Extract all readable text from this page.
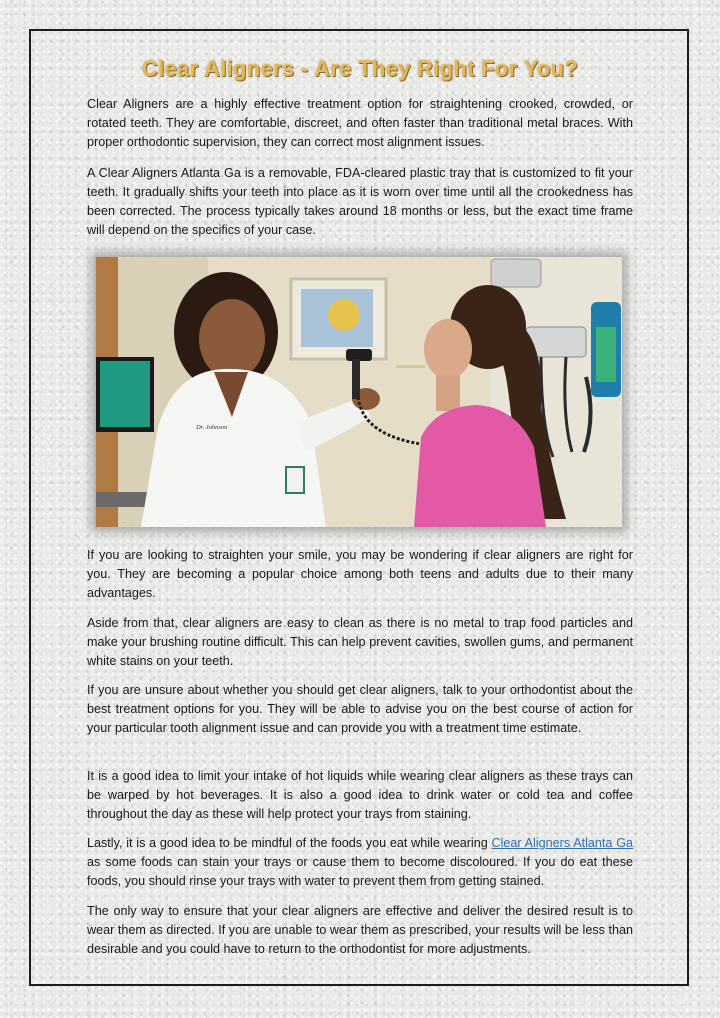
Clear Aligners - Are They Right For You?

Clear Aligners are a highly effective treatment option for straightening crooked, crowded, or rotated teeth. They are comfortable, discreet, and often faster than traditional metal braces. With proper orthodontic supervision, they can correct most alignment issues.

A Clear Aligners Atlanta Ga is a removable, FDA-cleared plastic tray that is customized to fit your teeth. It gradually shifts your teeth into place as it is worn over time until all the crookedness has been corrected. The process typically takes around 18 months or less, but the exact time frame will depend on the specifics of your case.

Dr. Johnson

If you are looking to straighten your smile, you may be wondering if clear aligners are right for you. They are becoming a popular choice among both teens and adults due to their many advantages.

Aside from that, clear aligners are easy to clean as there is no metal to trap food particles and make your brushing routine difficult. This can help prevent cavities, swollen gums, and permanent white stains on your teeth.

If you are unsure about whether you should get clear aligners, talk to your orthodontist about the best treatment options for you. They will be able to advise you on the best course of action for your particular tooth alignment issue and can provide you with a treatment time estimate.

It is a good idea to limit your intake of hot liquids while wearing clear aligners as these trays can be warped by hot beverages. It is also a good idea to drink water or cold tea and coffee throughout the day as these will help protect your trays from staining.

Lastly, it is a good idea to be mindful of the foods you eat while wearing Clear Aligners Atlanta Ga as some foods can stain your trays or cause them to become discoloured. If you do eat these foods, you should rinse your trays with water to prevent them from getting stained.

The only way to ensure that your clear aligners are effective and deliver the desired result is to wear them as directed. If you are unable to wear them as prescribed, your results will be less than desirable and you could have to return to the orthodontist for more adjustments.
